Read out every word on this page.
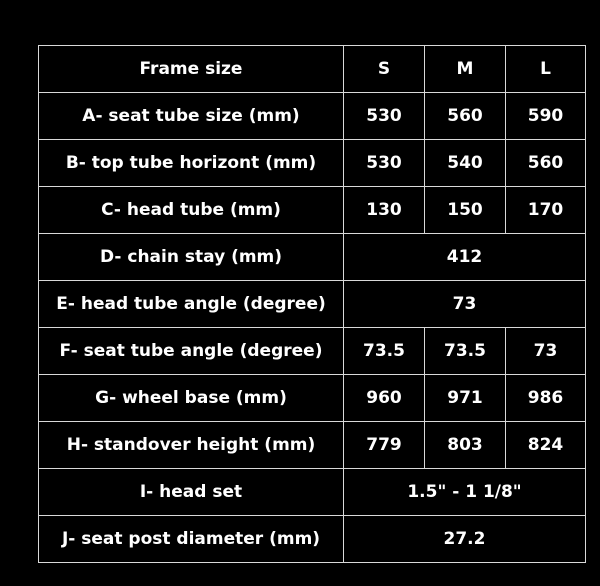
Frame size	S	M	L
A- seat tube size (mm)	530	560	590
B- top tube horizont (mm)	530	540	560
C- head tube (mm)	130	150	170
D- chain stay (mm)	412		
E- head tube angle (degree)	73		
F- seat tube angle (degree)	73.5	73.5	73
G- wheel base (mm)	960	971	986
H- standover height (mm)	779	803	824
I- head set	1.5" - 1 1/8"		
J- seat post diameter (mm)	27.2		
